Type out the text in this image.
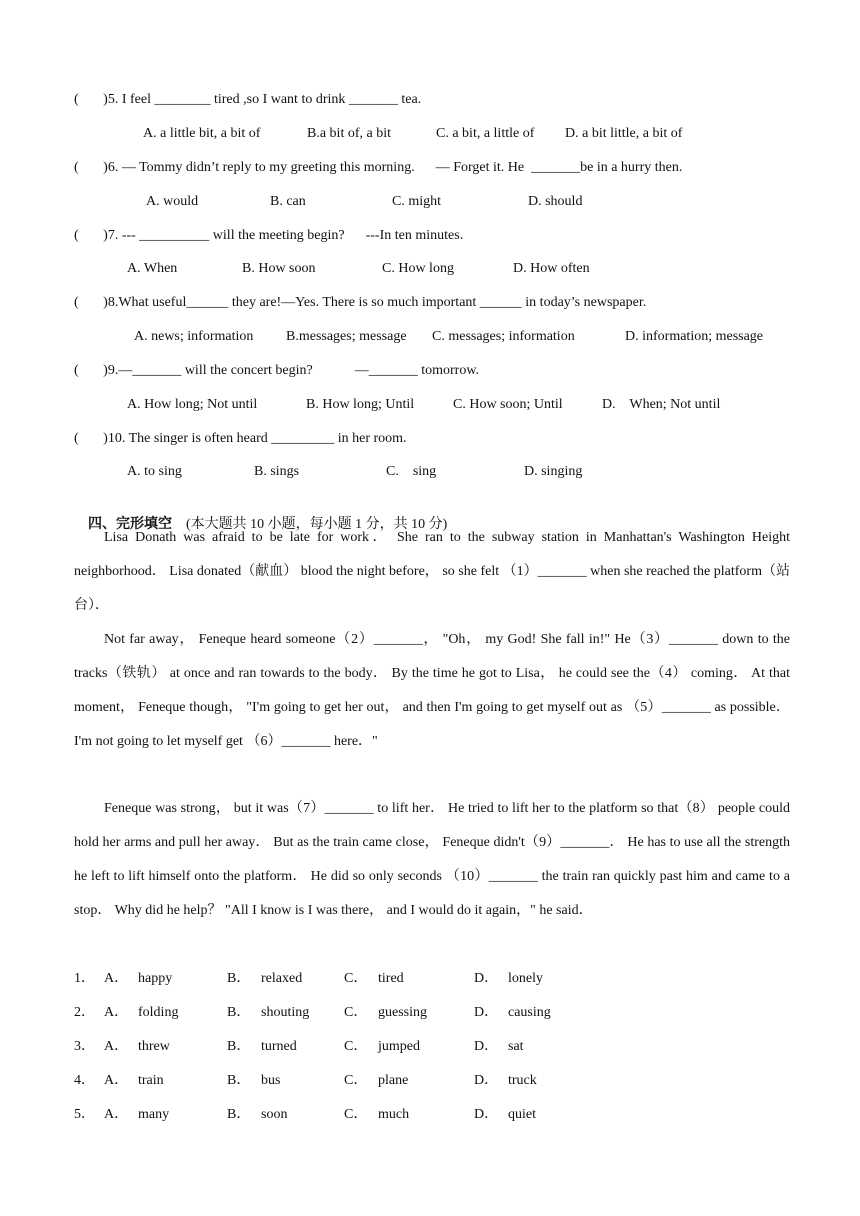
(       )5. I feel ________ tired ,so I want to drink _______ tea.
A. a little bit, a bit of	B.a bit of, a bit	C. a bit, a little of D. a bit little, a bit of
(       )6. — Tommy didn’t reply to my greeting this morning.      — Forget it. He  _______be in a hurry then.
A. would	B. can	C. might	D. should
(       )7. --- __________ will the meeting begin?      ---In ten minutes.
A. When	B. How soon	C. How long	D. How often
(       )8.What useful______ they are!—Yes. There is so much important ______ in today’s newspaper.
A. news; information B.messages; message C. messages; information	D. information; message
(       )9.—_______ will the concert begin?            —_______ tomorrow.
A. How long; Not until	B. How long; Until	C. How soon; Until	D.    When; Not until
(       )10. The singer is often heard _________ in her room.
A. to sing	B. sings	C.    sing	D. singing

四、完形填空 (本大题共 10 小题，每小题 1 分，共 10 分)

Lisa Donath was afraid to be late for work． She ran to the subway station in Manhattan's Washington Height neighborhood． Lisa donated（献血） blood the night before， so she felt （1）_______ when she reached the platform（站台）．
Not far away， Feneque heard someone（2）_______， "Oh， my God! She fall in!" He（3）_______ down to the tracks（铁轨） at once and ran towards to the body． By the time he got to Lisa， he could see the（4） coming． At that moment， Feneque though， "I'm going to get her out， and then I'm going to get myself out as （5）_______ as possible． I'm not going to let myself get （6）_______ here．"
Feneque was strong， but it was（7）_______ to lift her． He tried to lift her to the platform so that（8） people could hold her arms and pull her away． But as the train came close， Feneque didn't（9）_______． He has to use all the strength he left to lift himself onto the platform． He did so only seconds （10）_______ the train ran quickly past him and came to a stop． Why did he help？ "All I know is I was there， and I would do it again，" he said．
1． A． happy	B． relaxed	C． tired	D． lonely
2． A． folding	B． shouting C． guessing	D． causing
3． A． threw	B． turned	C． jumped	D． sat
4． A． train	B． bus	C． plane	D． truck
5． A． many	B． soon	C． much	D． quiet
